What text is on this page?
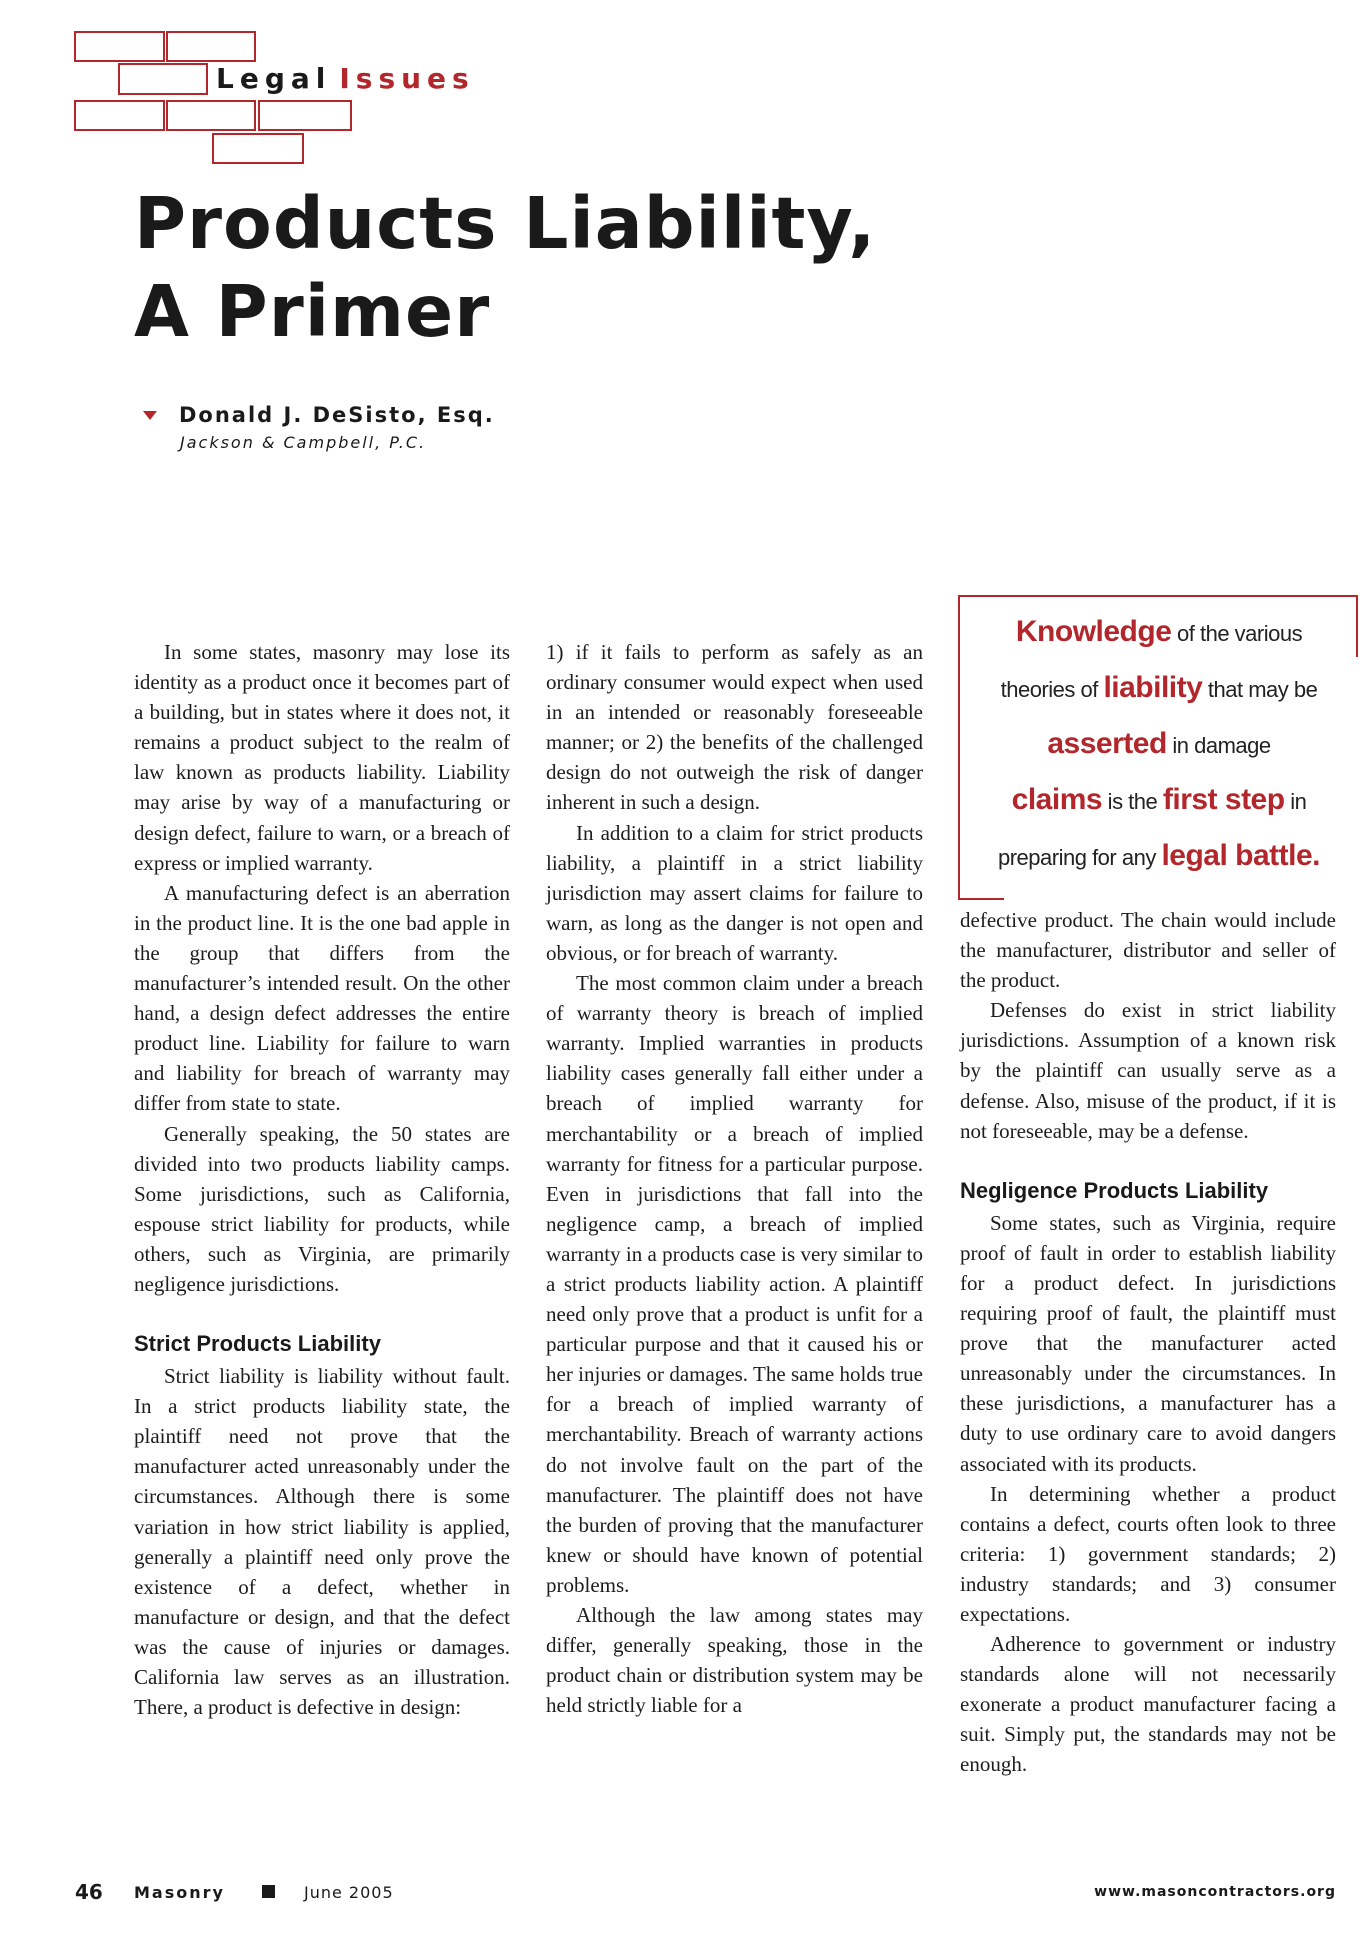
Legal Issues
Products Liability,
A Primer
Donald J. DeSisto, Esq.
Jackson & Campbell, P.C.

In some states, masonry may lose its identity as a product once it becomes part of a building, but in states where it does not, it remains a product subject to the realm of law known as products liability. Liability may arise by way of a manufacturing or design defect, failure to warn, or a breach of express or implied warranty.

A manufacturing defect is an aberration in the product line. It is the one bad apple in the group that differs from the manufacturer’s intended result. On the other hand, a design defect addresses the entire product line. Liability for failure to warn and liability for breach of warranty may differ from state to state.

Generally speaking, the 50 states are divided into two products liability camps. Some jurisdictions, such as California, espouse strict liability for products, while others, such as Virginia, are primarily negligence jurisdictions.

Strict Products Liability

Strict liability is liability without fault. In a strict products liability state, the plaintiff need not prove that the manufacturer acted unreasonably under the circumstances. Although there is some variation in how strict liability is applied, generally a plaintiff need only prove the existence of a defect, whether in manufacture or design, and that the defect was the cause of injuries or damages. California law serves as an illustration. There, a product is defective in design:

1) if it fails to perform as safely as an ordinary consumer would expect when used in an intended or reasonably foreseeable manner; or 2) the benefits of the challenged design do not outweigh the risk of danger inherent in such a design.

In addition to a claim for strict products liability, a plaintiff in a strict liability jurisdiction may assert claims for failure to warn, as long as the danger is not open and obvious, or for breach of warranty.

The most common claim under a breach of warranty theory is breach of implied warranty. Implied warranties in products liability cases generally fall either under a breach of implied warranty for merchantability or a breach of implied warranty for fitness for a particular purpose. Even in jurisdictions that fall into the negligence camp, a breach of implied warranty in a products case is very similar to a strict products liability action. A plaintiff need only prove that a product is unfit for a particular purpose and that it caused his or her injuries or damages. The same holds true for a breach of implied warranty of merchantability. Breach of warranty actions do not involve fault on the part of the manufacturer. The plaintiff does not have the burden of proving that the manufacturer knew or should have known of potential problems.

Although the law among states may differ, generally speaking, those in the product chain or distribution system may be held strictly liable for a

Knowledge of the various
theories of liability that may be
asserted in damage
claims is the first step in
preparing for any legal battle.

defective product. The chain would include the manufacturer, distributor and seller of the product.

Defenses do exist in strict liability jurisdictions. Assumption of a known risk by the plaintiff can usually serve as a defense. Also, misuse of the product, if it is not foreseeable, may be a defense.

Negligence Products Liability

Some states, such as Virginia, require proof of fault in order to establish liability for a product defect. In jurisdictions requiring proof of fault, the plaintiff must prove that the manufacturer acted unreasonably under the circumstances. In these jurisdictions, a manufacturer has a duty to use ordinary care to avoid dangers associated with its products.

In determining whether a product contains a defect, courts often look to three criteria: 1) government standards; 2) industry standards; and 3) consumer expectations.

Adherence to government or industry standards alone will not necessarily exonerate a product manufacturer facing a suit. Simply put, the standards may not be enough.

46 Masonry	June 2005	www.masoncontractors.org
